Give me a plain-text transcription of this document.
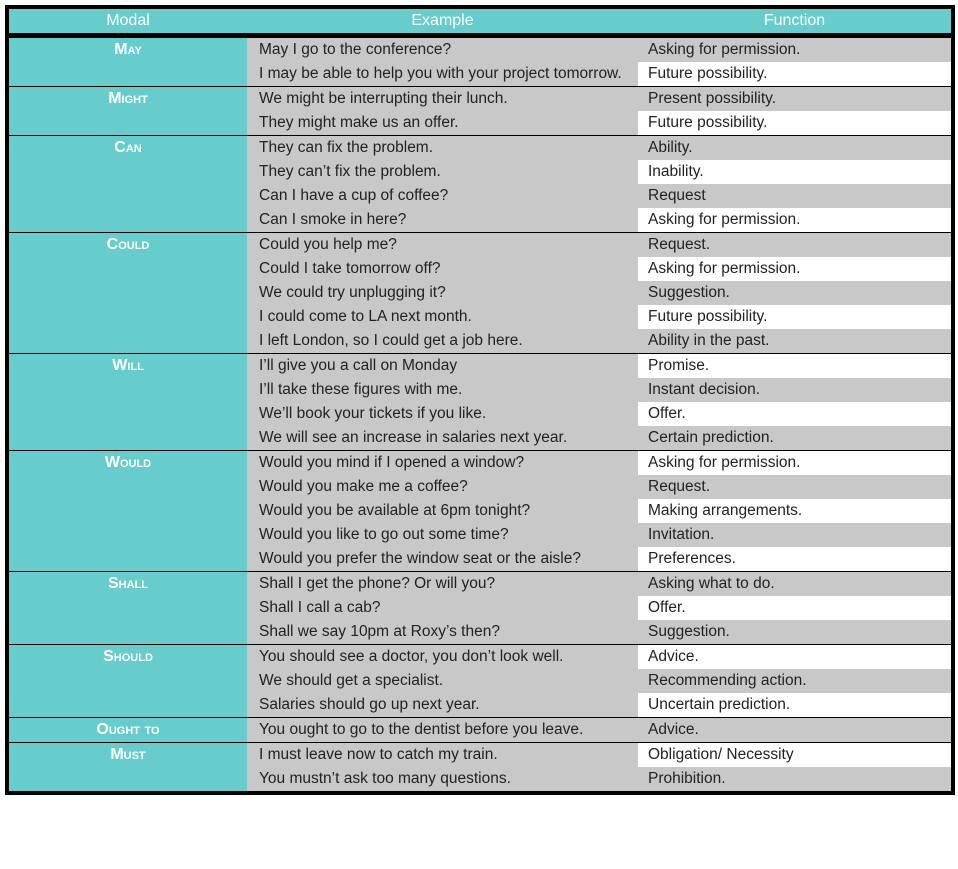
Modal	Example	Function
May	May I go to the conference?	Asking for permission.
	I may be able to help you with your project tomorrow.	Future possibility.
Might	We might be interrupting their lunch.	Present possibility.
	They might make us an offer.	Future possibility.
Can	They can fix the problem.	Ability.
	They can’t fix the problem.	Inability.
	Can I have a cup of coffee?	Request
	Can I smoke in here?	Asking for permission.
Could	Could you help me?	Request.
	Could I take tomorrow off?	Asking for permission.
	We could try unplugging it?	Suggestion.
	I could come to LA next month.	Future possibility.
	I left London, so I could get a job here.	Ability in the past.
Will	I’ll give you a call on Monday	Promise.
	I’ll take these figures with me.	Instant decision.
	We’ll book your tickets if you like.	Offer.
	We will see an increase in salaries next year.	Certain prediction.
Would	Would you mind if I opened a window?	Asking for permission.
	Would you make me a coffee?	Request.
	Would you be available at 6pm tonight?	Making arrangements.
	Would you like to go out some time?	Invitation.
	Would you prefer the window seat or the aisle?	Preferences.
Shall	Shall I get the phone? Or will you?	Asking what to do.
	Shall I call a cab?	Offer.
	Shall we say 10pm at Roxy’s then?	Suggestion.
Should	You should see a doctor, you don’t look well.	Advice.
	We should get a specialist.	Recommending action.
	Salaries should go up next year.	Uncertain prediction.
Ought to	You ought to go to the dentist before you leave.	Advice.
Must	I must leave now to catch my train.	Obligation/ Necessity
	You mustn’t ask too many questions.	Prohibition.
